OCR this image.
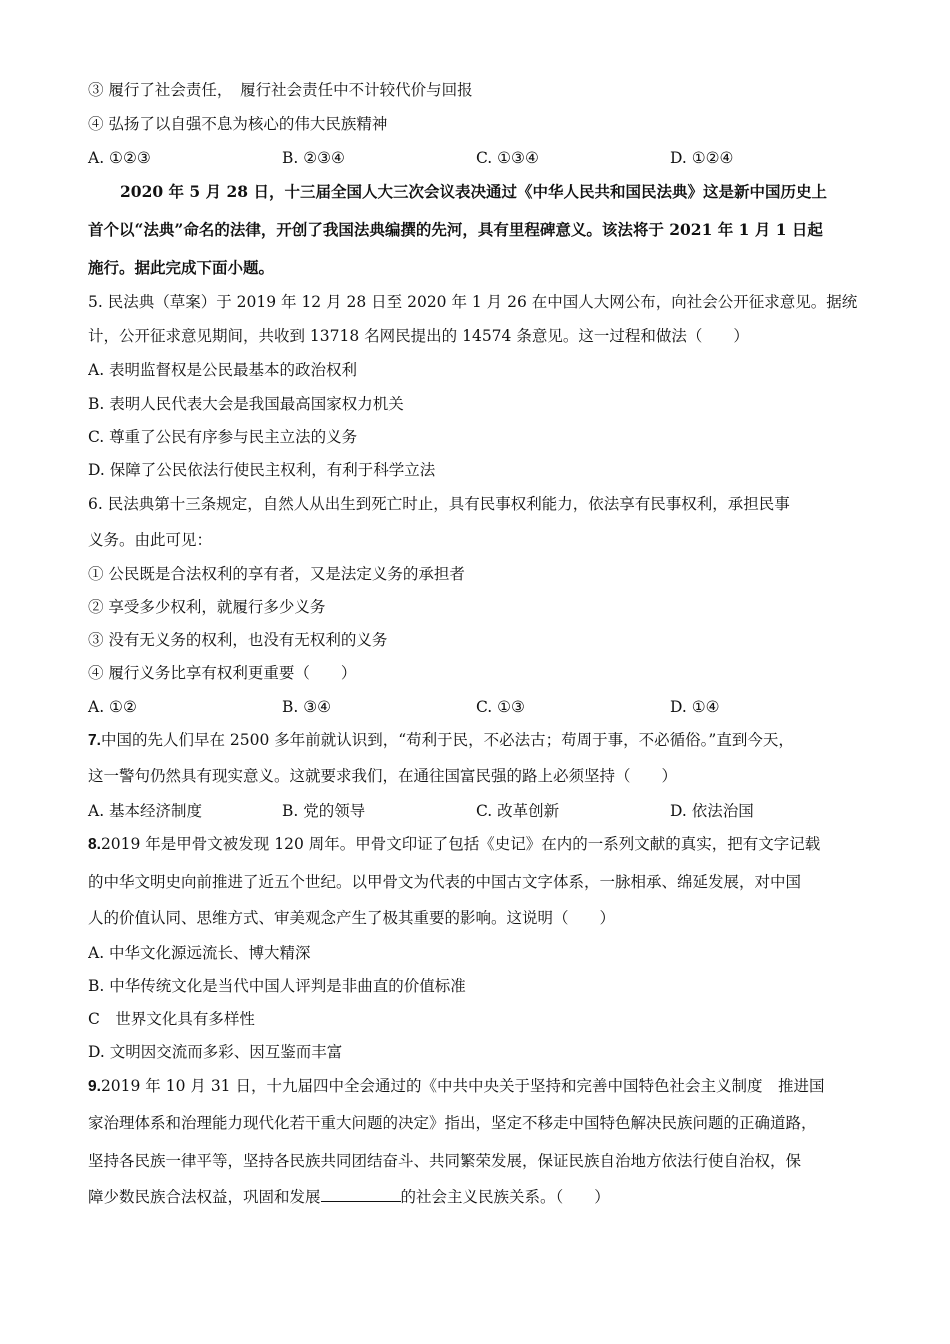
③ 履行了社会责任，　履行社会责任中不计较代价与回报
④ 弘扬了以自强不息为核心的伟大民族精神
A. ①②③	B. ②③④	C. ①③④	D. ①②④
2020 年 5 月 28 日，十三届全国人大三次会议表决通过《中华人民共和国民法典》这是新中国历史上
首个以“法典”命名的法律，开创了我国法典编撰的先河，具有里程碑意义。该法将于 2021 年 1 月 1 日起
施行。据此完成下面小题。
5. 民法典（草案）于 2019 年 12 月 28 日至 2020 年 1 月 26 在中国人大网公布，向社会公开征求意见。据统
计，公开征求意见期间，共收到 13718 名网民提出的 14574 条意见。这一过程和做法（　　）
A. 表明监督权是公民最基本的政治权利
B. 表明人民代表大会是我国最高国家权力机关
C. 尊重了公民有序参与民主立法的义务
D. 保障了公民依法行使民主权利，有利于科学立法
6. 民法典第十三条规定，自然人从出生到死亡时止，具有民事权利能力，依法享有民事权利，承担民事
义务。由此可见：
① 公民既是合法权利的享有者，又是法定义务的承担者
② 享受多少权利，就履行多少义务
③ 没有无义务的权利，也没有无权利的义务
④ 履行义务比享有权利更重要（　　）
A. ①②	B. ③④	C. ①③	D. ①④
7.中国的先人们早在 2500 多年前就认识到，“苟利于民，不必法古；苟周于事，不必循俗。”直到今天，
这一警句仍然具有现实意义。这就要求我们，在通往国富民强的路上必须坚持（　　）
A. 基本经济制度	B. 党的领导	C. 改革创新	D. 依法治国
8.2019 年是甲骨文被发现 120 周年。甲骨文印证了包括《史记》在内的一系列文献的真实，把有文字记载
的中华文明史向前推进了近五个世纪。以甲骨文为代表的中国古文字体系，一脉相承、绵延发展，对中国
人的价值认同、思维方式、审美观念产生了极其重要的影响。这说明（　　）
A. 中华文化源远流长、博大精深
B. 中华传统文化是当代中国人评判是非曲直的价值标准
C　世界文化具有多样性
D. 文明因交流而多彩、因互鉴而丰富
9.2019 年 10 月 31 日，十九届四中全会通过的《中共中央关于坚持和完善中国特色社会主义制度　推进国
家治理体系和治理能力现代化若干重大问题的决定》指出，坚定不移走中国特色解决民族问题的正确道路，
坚持各民族一律平等，坚持各民族共同团结奋斗、共同繁荣发展，保证民族自治地方依法行使自治权，保
障少数民族合法权益，巩固和发展	的社会主义民族关系。（　　）
